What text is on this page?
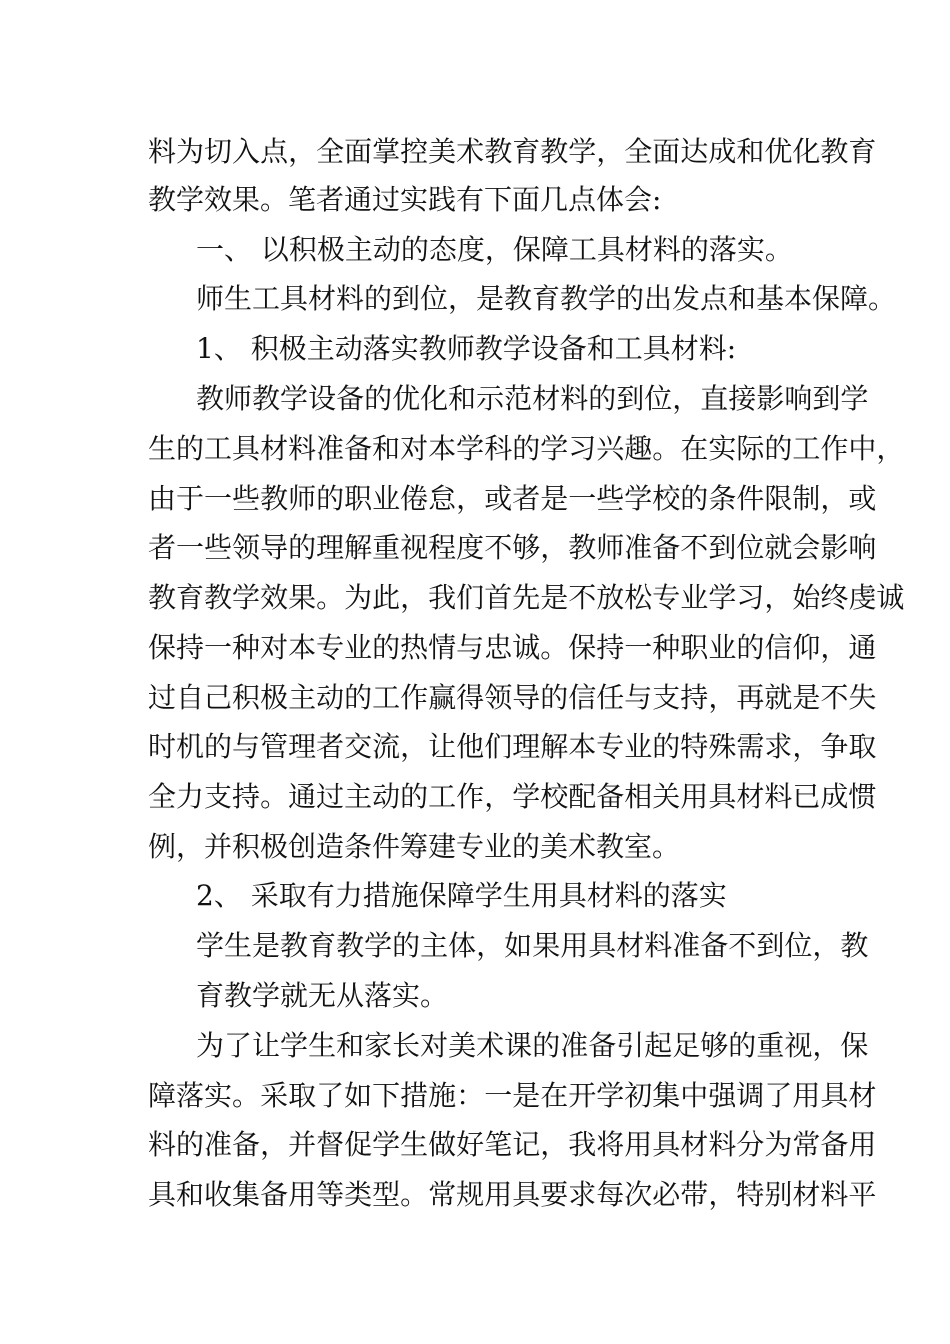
料 为 切 入 点 ， 全 面 掌 控 美 术 教 育 教 学 ， 全 面 达 成 和 优 化 教 育
教学效果。笔者通过实践有下面几点体会:
一、 以积极主动的态度，保障工具材料的落实。
师生工具材料的到位，是教育教学的出发点和基本保障。
1、 积极主动落实教师教学设备和工具材料:
教 师 教 学 设 备 的 优 化 和 示 范 材 料 的 到 位 ， 直 接 影 响 到 学
生 的 工 具 材 料 准 备 和 对 本 学 科 的 学 习 兴 趣 。 在 实 际 的 工 作 中 ，
由 于 一 些 教 师 的 职 业 倦 怠 ， 或 者 是 一 些 学 校 的 条 件 限 制 ， 或
者 一 些 领 导 的 理 解 重 视 程 度 不 够 ， 教 师 准 备 不 到 位 就 会 影 响
教 育 教 学 效 果 。 为 此 ， 我 们 首 先 是 不 放 松 专 业 学 习 ， 始 终 虔 诚
保 持 一 种 对 本 专 业 的 热 情 与 忠 诚 。 保 持 一 种 职 业 的 信 仰 ， 通
过 自 己 积 极 主 动 的 工 作 赢 得 领 导 的 信 任 与 支 持 ， 再 就 是 不 失
时 机 的 与 管 理 者 交 流 ， 让 他 们 理 解 本 专 业 的 特 殊 需 求 ， 争 取
全 力 支 持 。 通 过 主 动 的 工 作 ， 学 校 配 备 相 关 用 具 材 料 已 成 惯
例，并积极创造条件筹建专业的美术教室。
2、 采取有力措施保障学生用具材料的落实
学 生 是 教 育 教 学 的 主 体 ， 如 果 用 具 材 料 准 备 不 到 位 ， 教
育教学就无从落实。
为 了 让 学 生 和 家 长 对 美 术 课 的 准 备 引 起 足 够 的 重 视 ， 保
障 落 实 。 采 取 了 如 下 措 施 ： 一 是 在 开 学 初 集 中 强 调 了 用 具 材
料 的 准 备 ， 并 督 促 学 生 做 好 笔 记 ， 我 将 用 具 材 料 分 为 常 备 用
具 和 收 集 备 用 等 类 型 。 常 规 用 具 要 求 每 次 必 带 ， 特 别 材 料 平
